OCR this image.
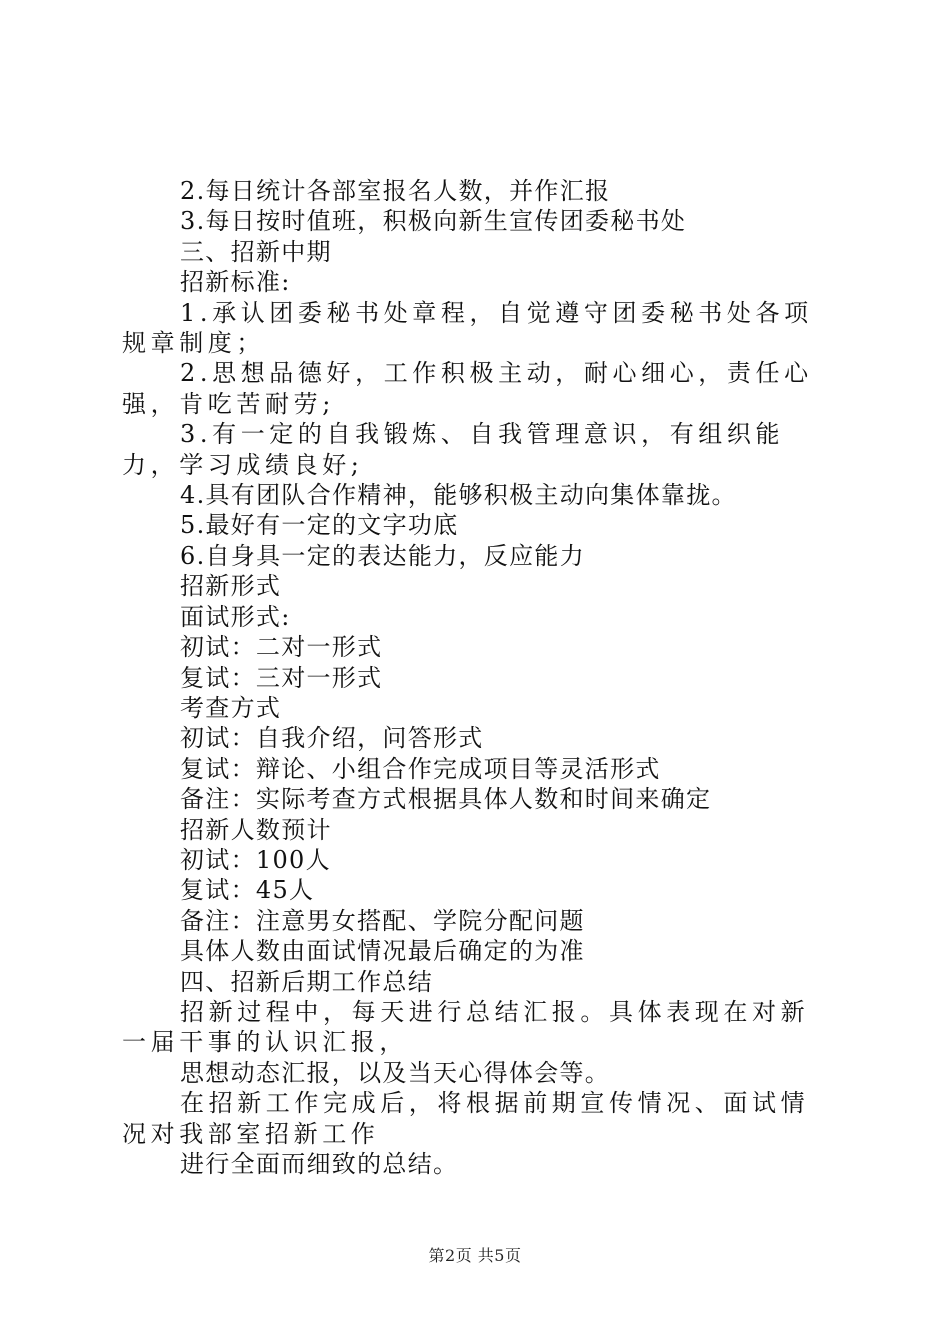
2.每日统计各部室报名人数，并作汇报

3.每日按时值班，积极向新生宣传团委秘书处

三、招新中期

招新标准:

1.承认团委秘书处章程，自觉遵守团委秘书处各项规章制度；

2.思想品德好，工作积极主动，耐心细心，责任心强，肯吃苦耐劳;

3.有一定的自我锻炼、自我管理意识，有组织能力，学习成绩良好;

4.具有团队合作精神，能够积极主动向集体靠拢。

5.最好有一定的文字功底

6.自身具一定的表达能力，反应能力

招新形式

面试形式:

初试：二对一形式

复试：三对一形式

考查方式

初试：自我介绍，问答形式

复试：辩论、小组合作完成项目等灵活形式

备注：实际考查方式根据具体人数和时间来确定

招新人数预计

初试：100人

复试：45人

备注：注意男女搭配、学院分配问题

具体人数由面试情况最后确定的为准

四、招新后期工作总结

招新过程中，每天进行总结汇报。具体表现在对新一届干事的认识汇报，

思想动态汇报，以及当天心得体会等。

在招新工作完成后，将根据前期宣传情况、面试情况对我部室招新工作

进行全面而细致的总结。

第2页 共5页
